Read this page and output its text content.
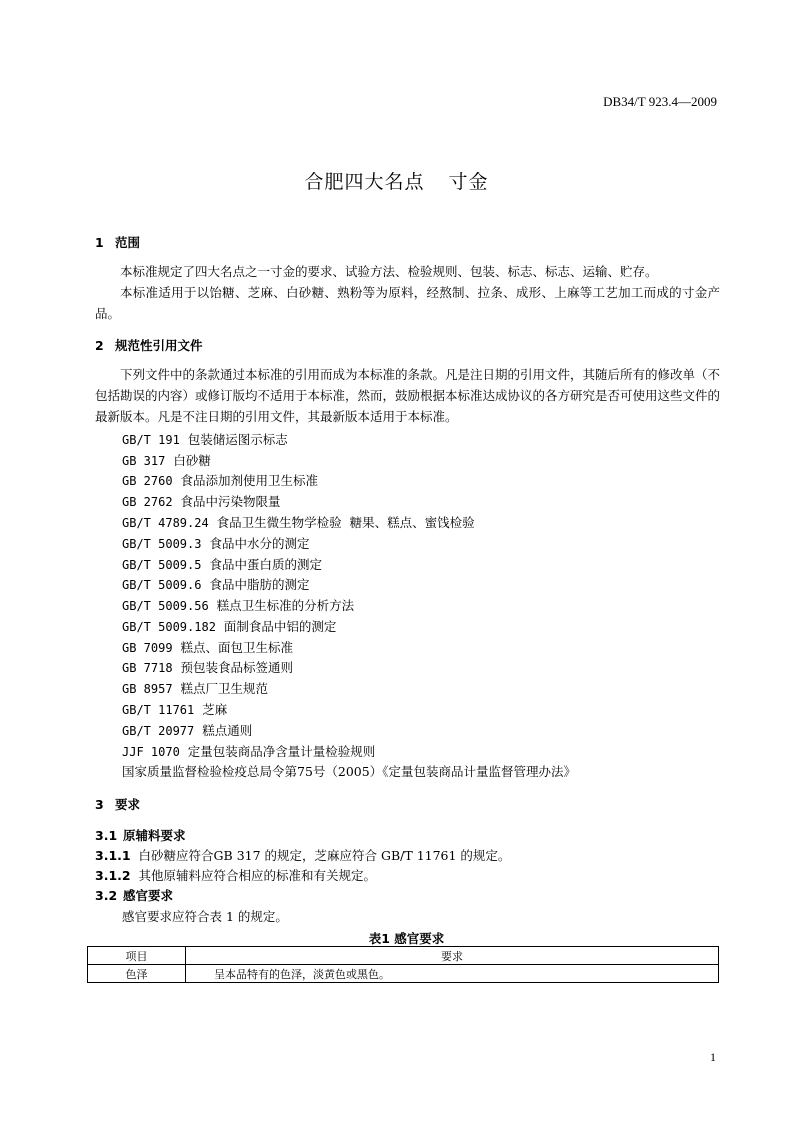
DB34/T 923.4—2009
合肥四大名点 寸金
1 范围
本标准规定了四大名点之一寸金的要求、试验方法、检验规则、包装、标志、标志、运输、贮存。
本标准适用于以饴糖、芝麻、白砂糖、熟粉等为原料，经熬制、拉条、成形、上麻等工艺加工而成的寸金产品。
2 规范性引用文件
下列文件中的条款通过本标准的引用而成为本标准的条款。凡是注日期的引用文件，其随后所有的修改单（不包括勘误的内容）或修订版均不适用于本标准，然而，鼓励根据本标准达成协议的各方研究是否可使用这些文件的最新版本。凡是不注日期的引用文件，其最新版本适用于本标准。
GB/T 191 包装储运图示标志
GB 317 白砂糖
GB 2760 食品添加剂使用卫生标准
GB 2762 食品中污染物限量
GB/T 4789.24 食品卫生微生物学检验  糖果、糕点、蜜饯检验
GB/T 5009.3 食品中水分的测定
GB/T 5009.5 食品中蛋白质的测定
GB/T 5009.6 食品中脂肪的测定
GB/T 5009.56 糕点卫生标准的分析方法
GB/T 5009.182 面制食品中铝的测定
GB 7099 糕点、面包卫生标准
GB 7718 预包装食品标签通则
GB 8957 糕点厂卫生规范
GB/T 11761 芝麻
GB/T 20977 糕点通则
JJF 1070 定量包装商品净含量计量检验规则
国家质量监督检验检疫总局令第75号（2005）《定量包装商品计量监督管理办法》
3 要求
3.1 原辅料要求
3.1.1 白砂糖应符合GB 317 的规定，芝麻应符合 GB/T 11761 的规定。
3.1.2 其他原辅料应符合相应的标准和有关规定。
3.2 感官要求
感官要求应符合表 1 的规定。
表1 感官要求
项目	要求
色泽	呈本品特有的色泽，淡黄色或黑色。
1
